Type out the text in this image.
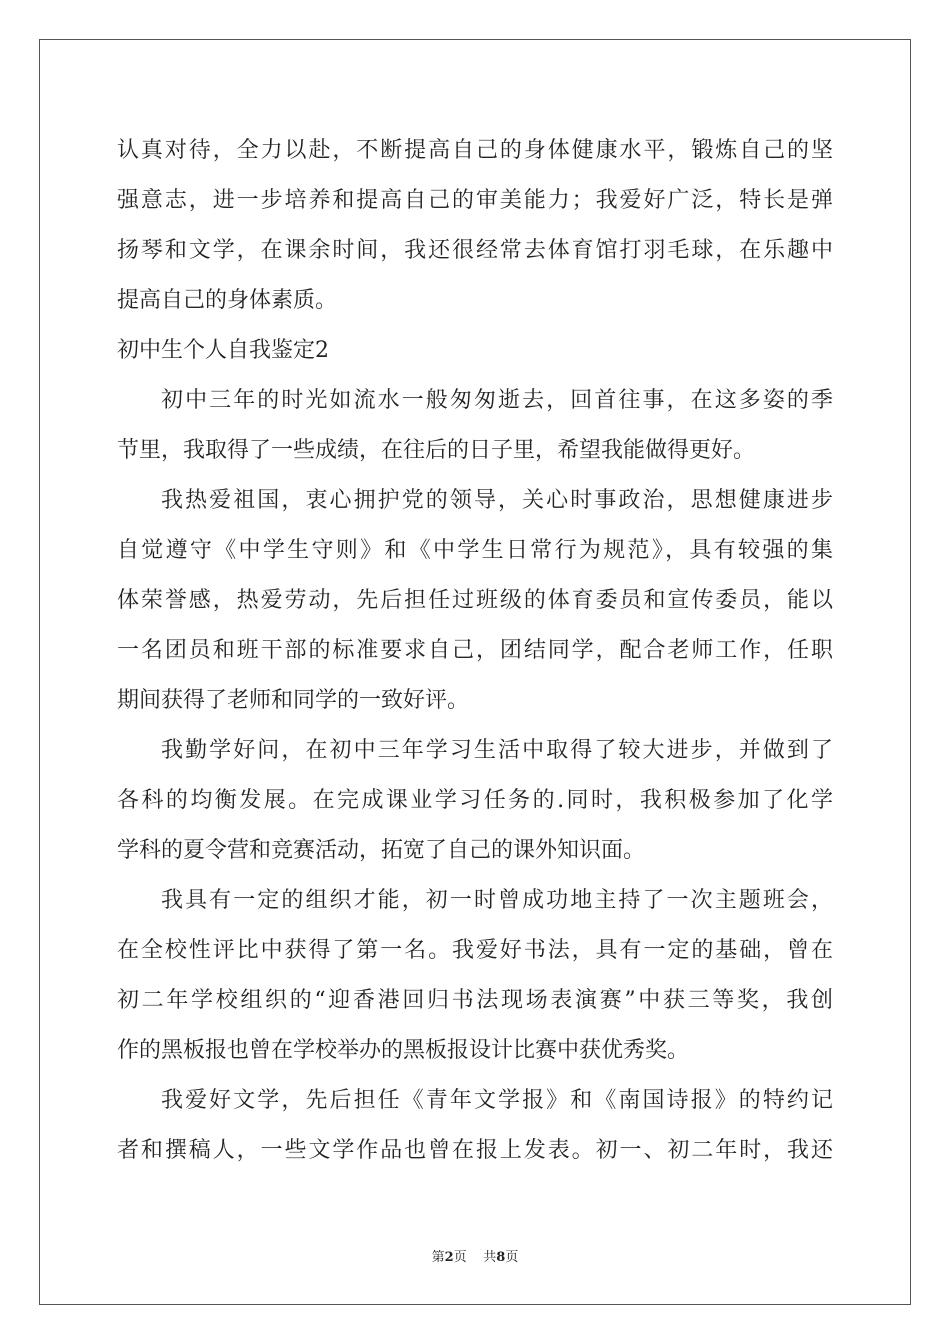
认真对待，全力以赴，不断提高自己的身体健康水平，锻炼自己的坚
强意志，进一步培养和提高自己的审美能力；我爱好广泛，特长是弹
扬琴和文学，在课余时间，我还很经常去体育馆打羽毛球，在乐趣中
提高自己的身体素质。
初中生个人自我鉴定2
初中三年的时光如流水一般匆匆逝去，回首往事，在这多姿的季
节里，我取得了一些成绩，在往后的日子里，希望我能做得更好。
我热爱祖国，衷心拥护党的领导，关心时事政治，思想健康进步
自觉遵守《中学生守则》和《中学生日常行为规范》，具有较强的集
体荣誉感，热爱劳动，先后担任过班级的体育委员和宣传委员，能以
一名团员和班干部的标准要求自己，团结同学，配合老师工作，任职
期间获得了老师和同学的一致好评。
我勤学好问，在初中三年学习生活中取得了较大进步，并做到了
各科的均衡发展。在完成课业学习任务的.同时，我积极参加了化学
学科的夏令营和竞赛活动，拓宽了自己的课外知识面。
我具有一定的组织才能，初一时曾成功地主持了一次主题班会，
在全校性评比中获得了第一名。我爱好书法，具有一定的基础，曾在
初二年学校组织的“迎香港回归书法现场表演赛”中获三等奖，我创
作的黑板报也曾在学校举办的黑板报设计比赛中获优秀奖。
我爱好文学，先后担任《青年文学报》和《南国诗报》的特约记
者和撰稿人，一些文学作品也曾在报上发表。初一、初二年时，我还
第2页 共8页
